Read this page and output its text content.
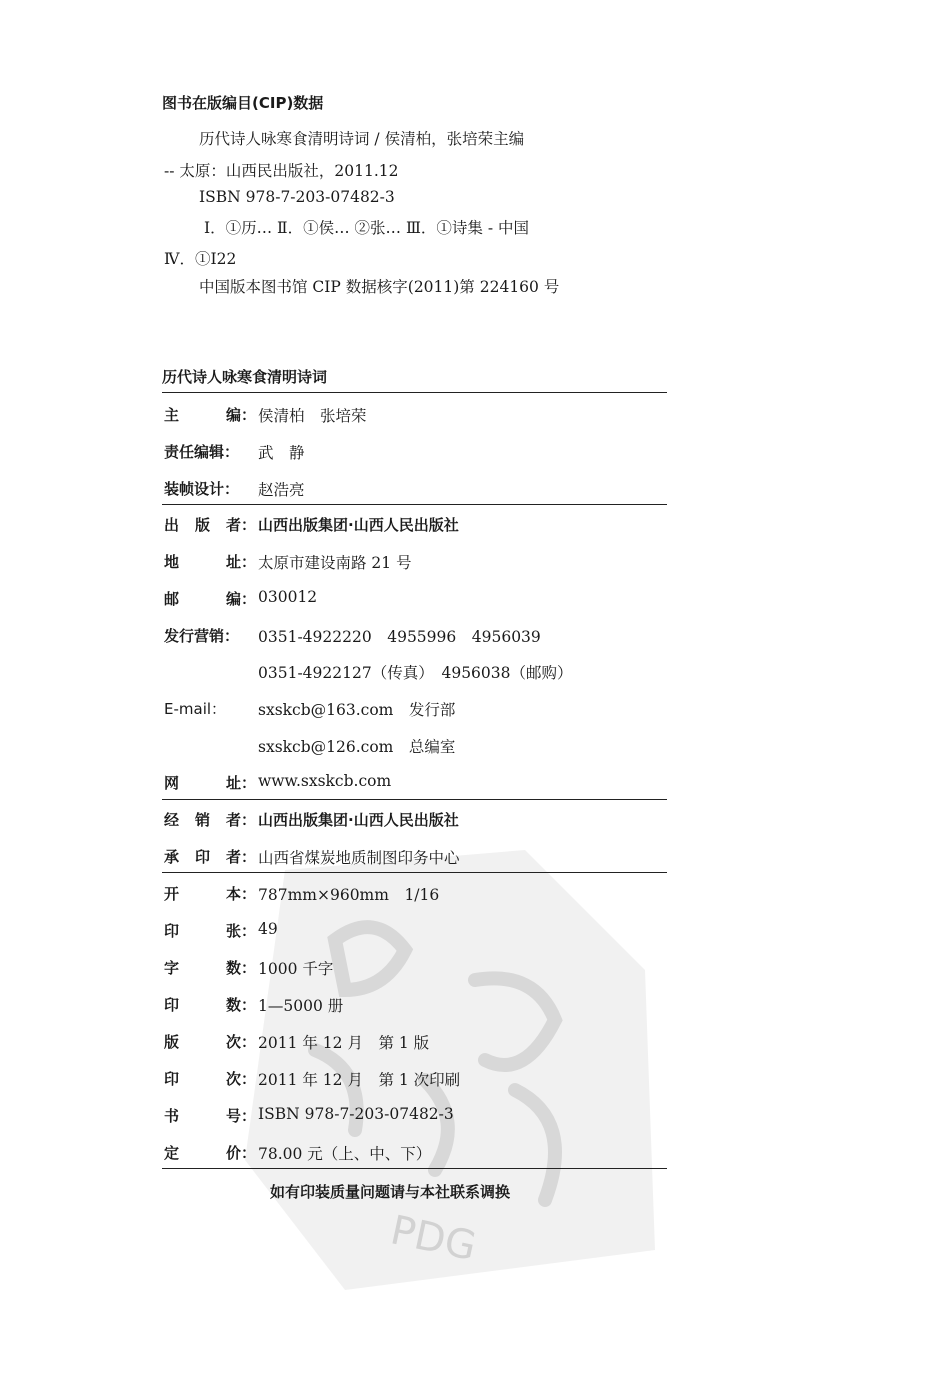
PDG
图书在版编目(CIP)数据
历代诗人咏寒食清明诗词 / 侯清柏，张培荣主编
-- 太原：山西民出版社，2011.12
ISBN 978-7-203-07482-3
Ⅰ．①历… Ⅱ．①侯… ②张… Ⅲ．①诗集 - 中国
Ⅳ．①I22
中国版本图书馆 CIP 数据核字(2011)第 224160 号
历代诗人咏寒食清明诗词
主	编： 侯清柏　张培荣
责任编辑： 武　静
装帧设计： 赵浩亮
出 版 者： 山西出版集团·山西人民出版社
地	址： 太原市建设南路 21 号
邮	编： 030012
发行营销： 0351-4922220　4955996　4956039
0351-4922127（传真）　4956038（邮购）
E-mail： sxskcb@163.com　发行部
sxskcb@126.com　总编室
网	址： www.sxskcb.com
经 销 者： 山西出版集团·山西人民出版社
承 印 者： 山西省煤炭地质制图印务中心
开	本： 787mm×960mm　1/16
印	张： 49
字	数： 1000 千字
印	数： 1—5000 册
版	次： 2011 年 12 月　第 1 版
印	次： 2011 年 12 月　第 1 次印刷
书	号： ISBN 978-7-203-07482-3
定	价： 78.00 元（上、中、下）
如有印装质量问题请与本社联系调换
